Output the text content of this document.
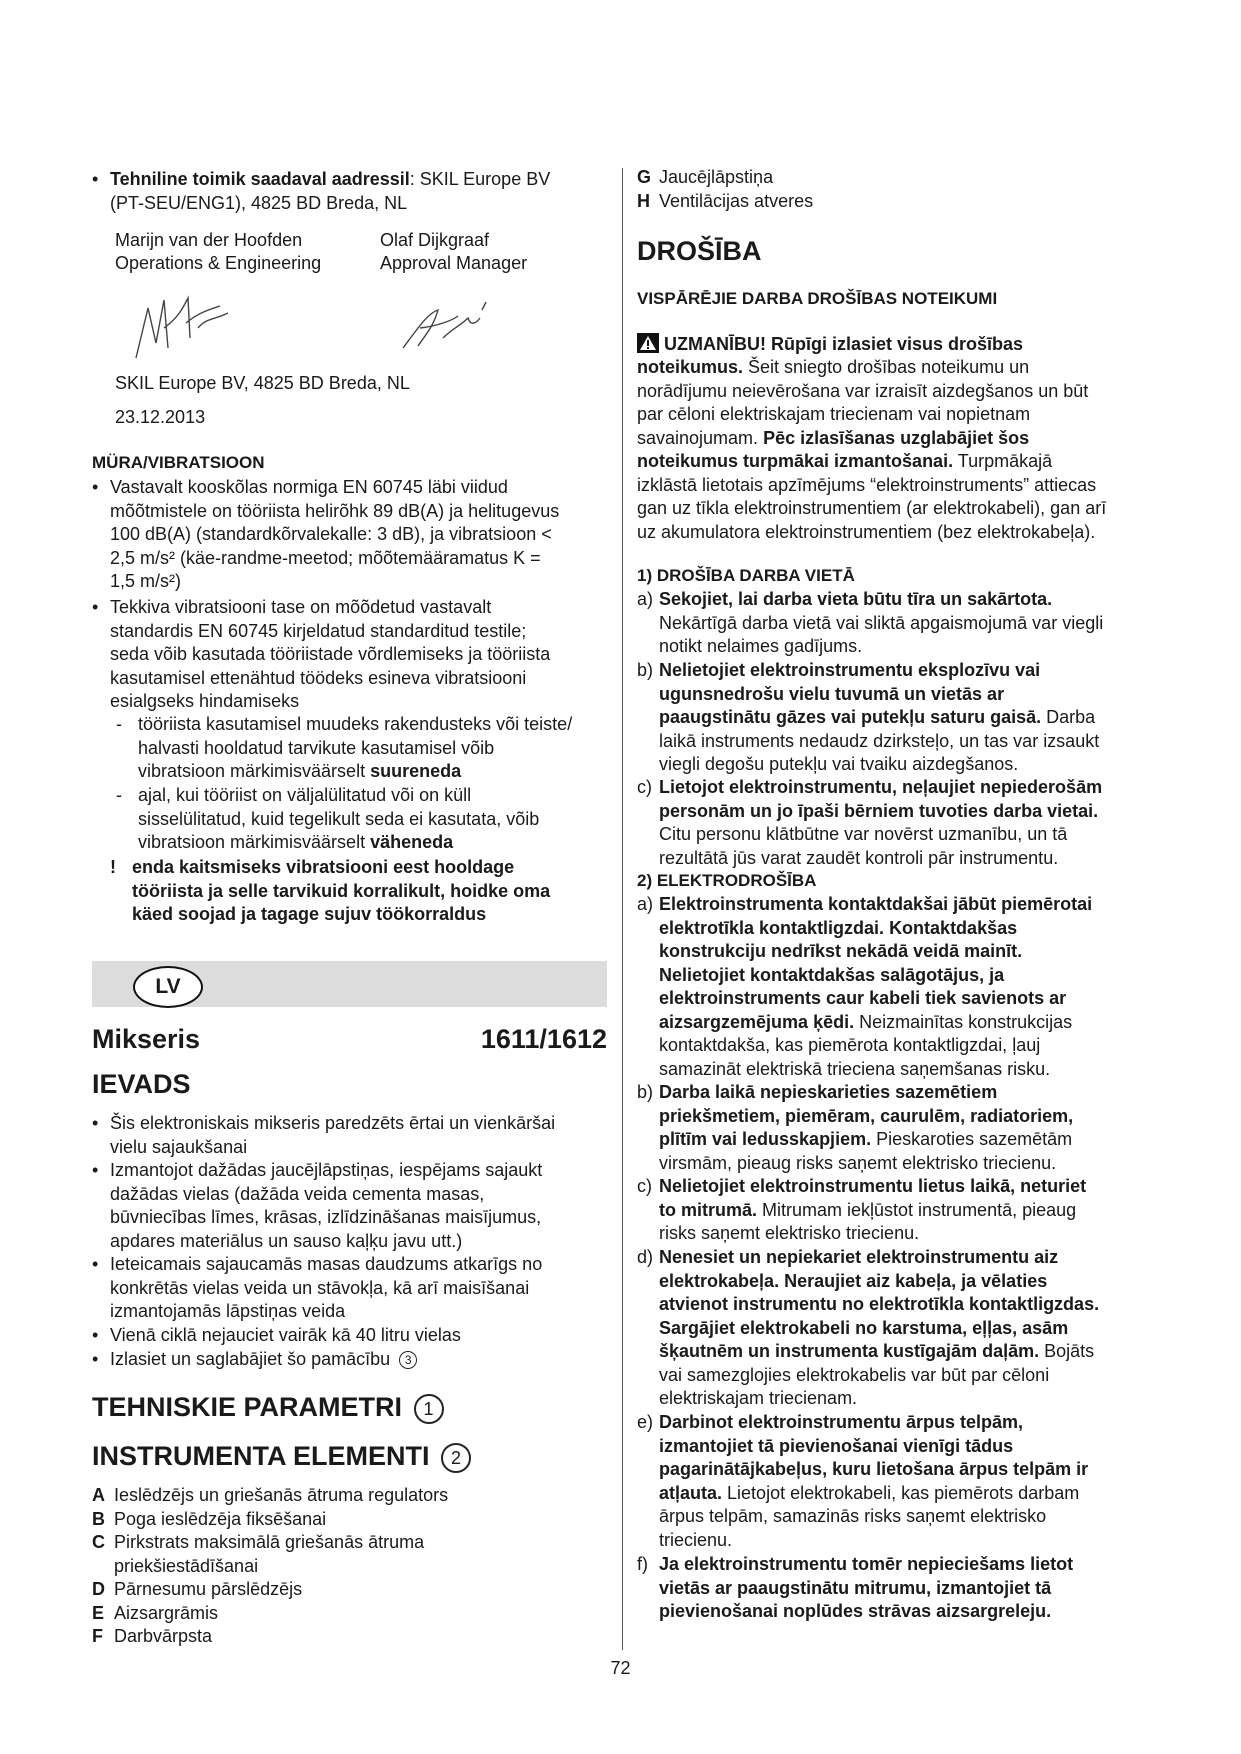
• Tehniline toimik saadaval aadressil: SKIL Europe BV
(PT-SEU/ENG1), 4825 BD Breda, NL
Marijn van der Hoofden
Operations & Engineering
Olaf Dijkgraaf
Approval Manager
SKIL Europe BV, 4825 BD Breda, NL
23.12.2013
MÜRA/VIBRATSIOON
• Vastavalt kooskõlas normiga EN 60745 läbi viidud
mõõtmistele on tööriista helirõhk 89 dB(A) ja helitugevus
100 dB(A) (standardkõrvalekalle: 3 dB), ja vibratsioon <
2,5 m/s² (käe-randme-meetod; mõõtemääramatus K =
1,5 m/s²)
• Tekkiva vibratsiooni tase on mõõdetud vastavalt
standardis EN 60745 kirjeldatud standarditud testile;
seda võib kasutada tööriistade võrdlemiseks ja tööriista
kasutamisel ettenähtud töödeks esineva vibratsiooni
esialgseks hindamiseks
- tööriista kasutamisel muudeks rakendusteks või teiste/
halvasti hooldatud tarvikute kasutamisel võib
vibratsioon märkimisväärselt suureneda
- ajal, kui tööriist on väljalülitatud või on küll
sisselülitatud, kuid tegelikult seda ei kasutata, võib
vibratsioon märkimisväärselt väheneda
! enda kaitsmiseks vibratsiooni eest hooldage
tööriista ja selle tarvikuid korralikult, hoidke oma
käed soojad ja tagage sujuv töökorraldus
LV
Mikseris	1611/1612
IEVADS
• Šis elektroniskais mikseris paredzēts ērtai un vienkāršai
vielu sajaukšanai
• Izmantojot dažādas jaucējlāpstiņas, iespējams sajaukt
dažādas vielas (dažāda veida cementa masas,
būvniecības līmes, krāsas, izlīdzināšanas maisījumus,
apdares materiālus un sauso kaļķu javu utt.)
• Ieteicamais sajaucamās masas daudzums atkarīgs no
konkrētās vielas veida un stāvokļa, kā arī maisīšanai
izmantojamās lāpstiņas veida
• Vienā ciklā nejauciet vairāk kā 40 litru vielas
• Izlasiet un saglabājiet šo pamācību 3
TEHNISKIE PARAMETRI 1
INSTRUMENTA ELEMENTI 2
A Ieslēdzējs un griešanās ātruma regulators
B Poga ieslēdzēja fiksēšanai
C Pirkstrats maksimālā griešanās ātruma
priekšiestādīšanai
D Pārnesumu pārslēdzējs
E Aizsargrāmis
F Darbvārpsta
G Jaucējlāpstiņa
H Ventilācijas atveres
DROŠĪBA
VISPĀRĒJIE DARBA DROŠĪBAS NOTEIKUMI
UZMANĪBU! Rūpīgi izlasiet visus drošības
noteikumus. Šeit sniegto drošības noteikumu un
norādījumu neievērošana var izraisīt aizdegšanos un būt
par cēloni elektriskajam triecienam vai nopietnam
savainojumam. Pēc izlasīšanas uzglabājiet šos
noteikumus turpmākai izmantošanai. Turpmākajā
izklāstā lietotais apzīmējums “elektroinstruments” attiecas
gan uz tīkla elektroinstrumentiem (ar elektrokabeli), gan arī
uz akumulatora elektroinstrumentiem (bez elektrokabeļa).
1) DROŠĪBA DARBA VIETĀ
a) Sekojiet, lai darba vieta būtu tīra un sakārtota.
Nekārtīgā darba vietā vai sliktā apgaismojumā var viegli
notikt nelaimes gadījums.
b) Nelietojiet elektroinstrumentu eksplozīvu vai
ugunsnedrošu vielu tuvumā un vietās ar
paaugstinātu gāzes vai putekļu saturu gaisā. Darba
laikā instruments nedaudz dzirksteļo, un tas var izsaukt
viegli degošu putekļu vai tvaiku aizdegšanos.
c) Lietojot elektroinstrumentu, neļaujiet nepiederošām
personām un jo īpaši bērniem tuvoties darba vietai.
Citu personu klātbūtne var novērst uzmanību, un tā
rezultātā jūs varat zaudēt kontroli pār instrumentu.
2) ELEKTRODROŠĪBA
a) Elektroinstrumenta kontaktdakšai jābūt piemērotai
elektrotīkla kontaktligzdai. Kontaktdakšas
konstrukciju nedrīkst nekādā veidā mainīt.
Nelietojiet kontaktdakšas salāgotājus, ja
elektroinstruments caur kabeli tiek savienots ar
aizsargzemējuma ķēdi. Neizmainītas konstrukcijas
kontaktdakša, kas piemērota kontaktligzdai, ļauj
samazināt elektriskā trieciena saņemšanas risku.
b) Darba laikā nepieskarieties sazemētiem
priekšmetiem, piemēram, caurulēm, radiatoriem,
plītīm vai ledusskapjiem. Pieskaroties sazemētām
virsmām, pieaug risks saņemt elektrisko triecienu.
c) Nelietojiet elektroinstrumentu lietus laikā, neturiet
to mitrumā. Mitrumam iekļūstot instrumentā, pieaug
risks saņemt elektrisko triecienu.
d) Nenesiet un nepiekariet elektroinstrumentu aiz
elektrokabeļa. Neraujiet aiz kabeļa, ja vēlaties
atvienot instrumentu no elektrotīkla kontaktligzdas.
Sargājiet elektrokabeli no karstuma, eļļas, asām
šķautnēm un instrumenta kustīgajām daļām. Bojāts
vai samezglojies elektrokabelis var būt par cēloni
elektriskajam triecienam.
e) Darbinot elektroinstrumentu ārpus telpām,
izmantojiet tā pievienošanai vienīgi tādus
pagarinātājkabeļus, kuru lietošana ārpus telpām ir
atļauta. Lietojot elektrokabeli, kas piemērots darbam
ārpus telpām, samazinās risks saņemt elektrisko
triecienu.
f) Ja elektroinstrumentu tomēr nepieciešams lietot
vietās ar paaugstinātu mitrumu, izmantojiet tā
pievienošanai noplūdes strāvas aizsargreleju.
72
